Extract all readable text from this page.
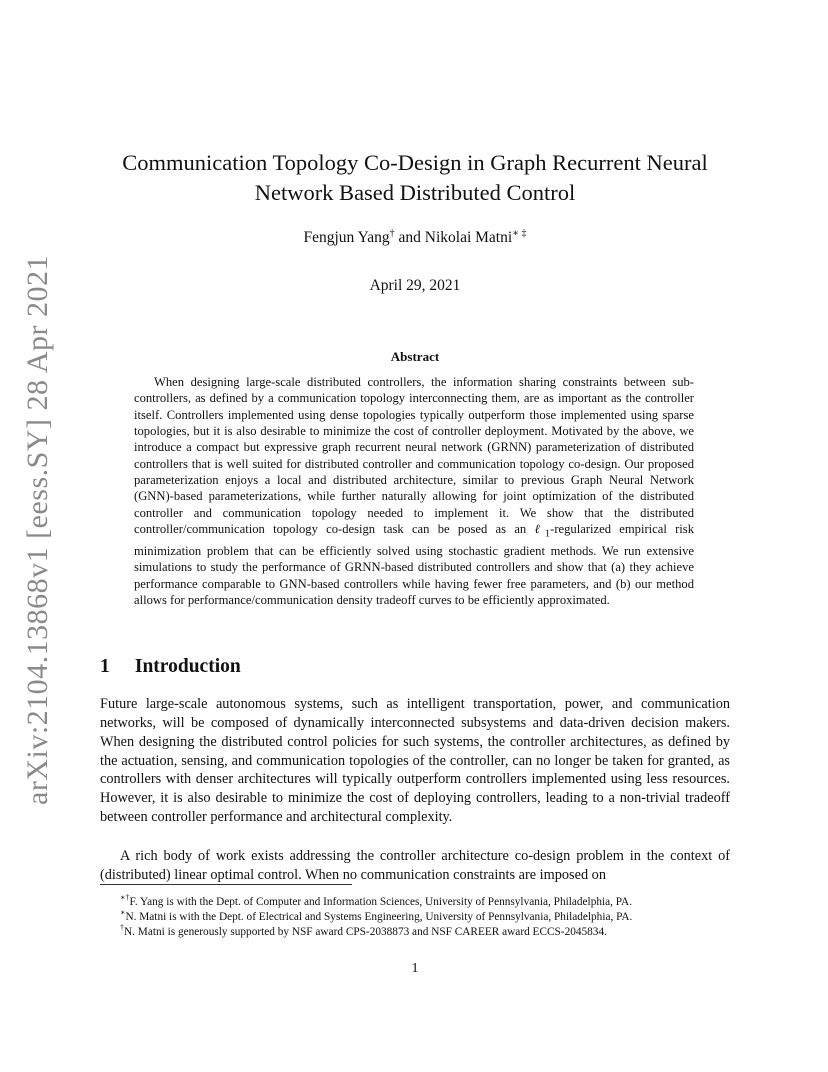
arXiv:2104.13868v1 [eess.SY] 28 Apr 2021
Communication Topology Co-Design in Graph Recurrent Neural
Network Based Distributed Control
Fengjun Yang† and Nikolai Matni∗ ‡
April 29, 2021
Abstract

When designing large-scale distributed controllers, the information sharing constraints between sub-controllers, as defined by a communication topology interconnecting them, are as important as the controller itself. Controllers implemented using dense topologies typically outperform those implemented using sparse topologies, but it is also desirable to minimize the cost of controller deployment. Motivated by the above, we introduce a compact but expressive graph recurrent neural network (GRNN) parameterization of distributed controllers that is well suited for distributed controller and communication topology co-design. Our proposed parameterization enjoys a local and distributed architecture, similar to previous Graph Neural Network (GNN)-based parameterizations, while further naturally allowing for joint optimization of the distributed controller and communication topology needed to implement it. We show that the distributed controller/communication topology co-design task can be posed as an ℓ$_1$-regularized empirical risk minimization problem that can be efficiently solved using stochastic gradient methods. We run extensive simulations to study the performance of GRNN-based distributed controllers and show that (a) they achieve performance comparable to GNN-based controllers while having fewer free parameters, and (b) our method allows for performance/communication density tradeoff curves to be efficiently approximated.

1 Introduction

Future large-scale autonomous systems, such as intelligent transportation, power, and communication networks, will be composed of dynamically interconnected subsystems and data-driven decision makers. When designing the distributed control policies for such systems, the controller architectures, as defined by the actuation, sensing, and communication topologies of the controller, can no longer be taken for granted, as controllers with denser architectures will typically outperform controllers implemented using less resources. However, it is also desirable to minimize the cost of deploying controllers, leading to a non-trivial tradeoff between controller performance and architectural complexity.

A rich body of work exists addressing the controller architecture co-design problem in the context of (distributed) linear optimal control. When no communication constraints are imposed on

∗†F. Yang is with the Dept. of Computer and Information Sciences, University of Pennsylvania, Philadelphia, PA.

∗N. Matni is with the Dept. of Electrical and Systems Engineering, University of Pennsylvania, Philadelphia, PA.

†N. Matni is generously supported by NSF award CPS-2038873 and NSF CAREER award ECCS-2045834.

1
